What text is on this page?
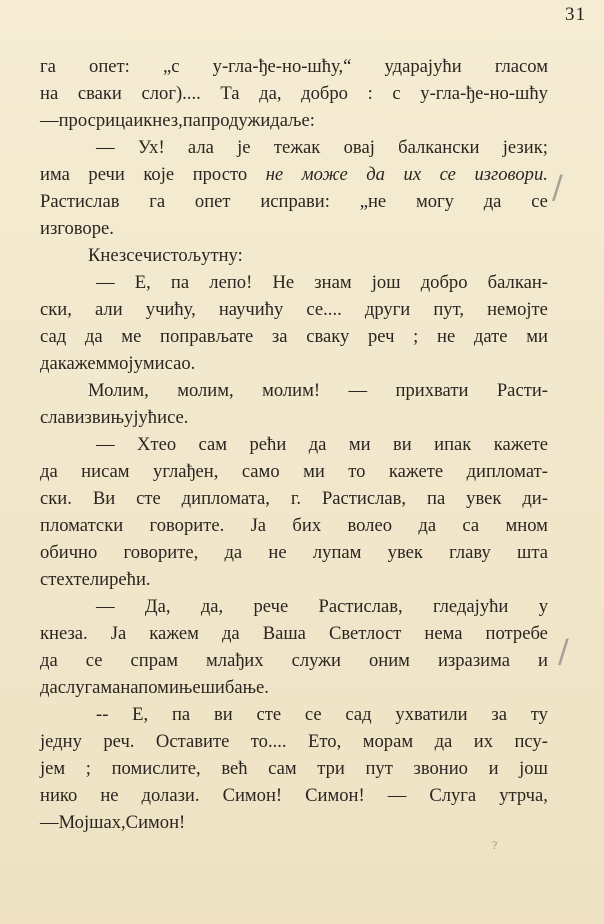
31
га опет: „с у-гла-ђе-но-шћу,“ ударајући гласом
на сваки слог).... Та да, добро : с у-гла-ђе-но-шћу
— просрица и кнез, па продужи даље:
— Ух! ала је тежак овај балкански језик;
има речи које просто не може да их се изговори.
Растислав га опет исправи: „не могу да се
изговоре.
Кнез се чисто љутну:
— Е, па лепо! Не знам још добро балкан-
ски, али учићу, научићу се.... други пут, немојте
сад да ме поправљате за сваку реч ; не дате ми
да кажем моју мисао.
Молим, молим, молим! — прихвати Расти-
слав извињујући се.
— Хтео сам рећи да ми ви ипак кажете
да нисам углађен, само ми то кажете дипломат-
ски. Ви сте дипломата, г. Растислав, па увек ди-
пломатски говорите. Ја бих волео да са мном
обично говорите, да не лупам увек главу шта
сте хтели рећи.
— Да, да, рече Растислав, гледајући у
кнеза. Ја кажем да Ваша Светлост нема потребе
да се спрам млађих служи оним изразима и
да слугама напомиње шибање.
-- Е, па ви сте се сад ухватили за ту
једну реч. Оставите то.... Ето, морам да их псу-
јем ; помислите, већ сам три пут звонио и још
нико не долази. Симон! Симон! — Слуга утрча,
— Мој шах, Симон!
∕
∕
?
